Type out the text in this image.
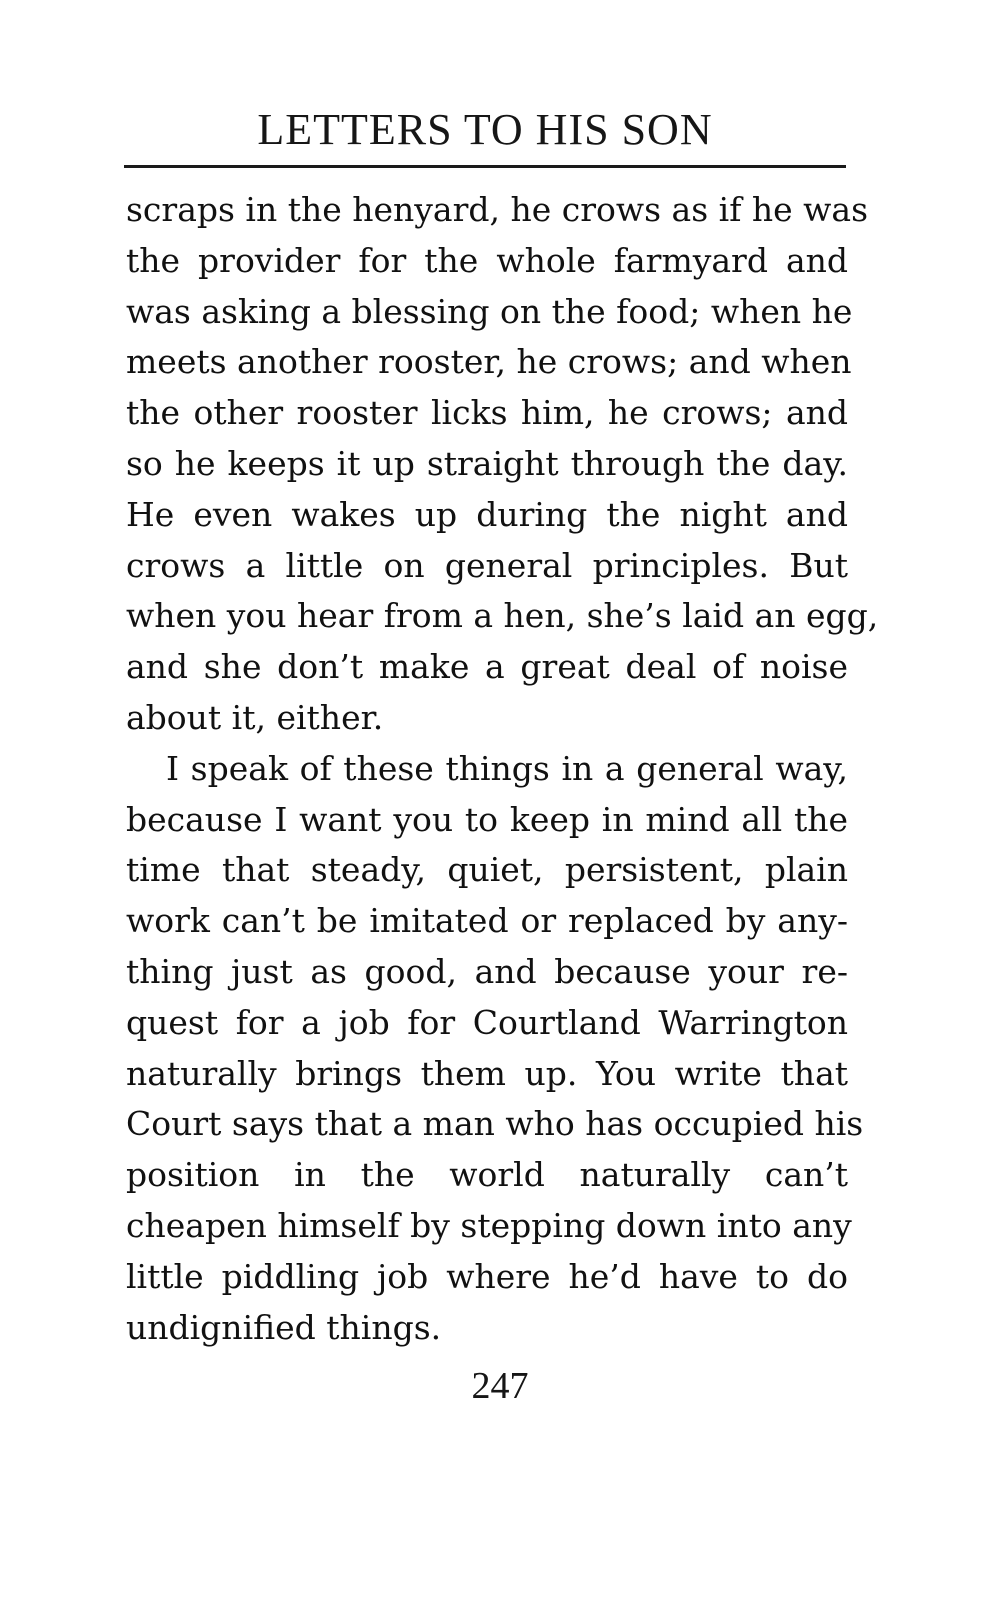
LETTERS TO HIS SON
scraps in the henyard, he crows as if he was
the provider for the whole farmyard and
was asking a blessing on the food; when he
meets another rooster, he crows; and when
the other rooster licks him, he crows; and
so he keeps it up straight through the day.
He even wakes up during the night and
crows a little on general principles. But
when you hear from a hen, she’s laid an egg,
and she don’t make a great deal of noise
about it, either.
I speak of these things in a general way,
because I want you to keep in mind all the
time that steady, quiet, persistent, plain
work can’t be imitated or replaced by any-
thing just as good, and because your re-
quest for a job for Courtland Warrington
naturally brings them up. You write that
Court says that a man who has occupied his
position in the world naturally can’t
cheapen himself by stepping down into any
little piddling job where he’d have to do
undignified things.
247
